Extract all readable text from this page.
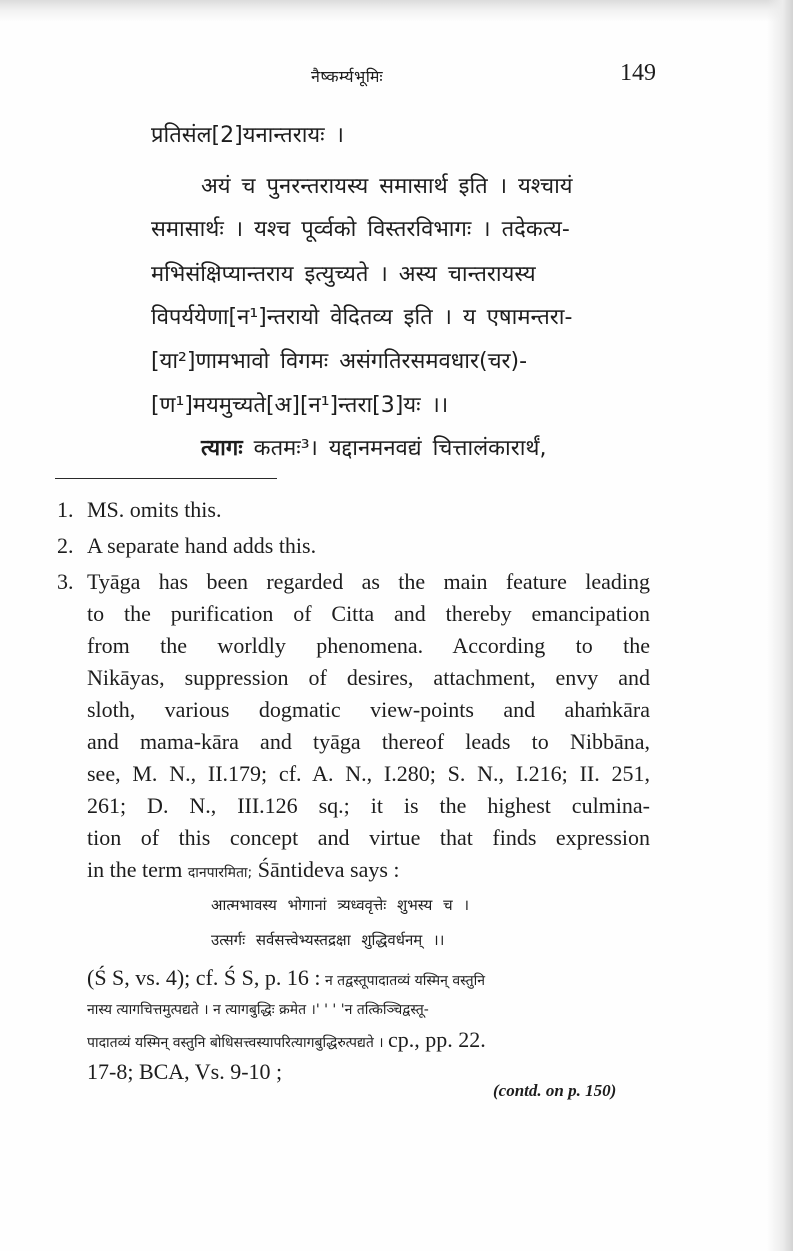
नैष्कर्म्यभूमिः	149
प्रतिसंल[2]यनान्तरायः ।
अयं च पुनरन्तरायस्य समासार्थ इति । यश्चायं
समासार्थः । यश्च पूर्व्वको विस्तरविभागः । तदेकत्य-
मभिसंक्षिप्यान्तराय इत्युच्यते । अस्य चान्तरायस्य
विपर्ययेणा[न¹]न्तरायो वेदितव्य इति । य एषामन्तरा-
[या²]णामभावो विगमः असंगतिरसमवधार(चर)-
[ण¹]मयमुच्यते[अ][न¹]न्तरा[3]यः ।।
त्यागः कतमः³। यद्दानमनवद्यं चित्तालंकारार्थं,
1. MS. omits this.
2. A separate hand adds this.
3. Tyāga has been regarded as the main feature leading
to the purification of Citta and thereby emancipation
from the worldly phenomena. According to the
Nikāyas, suppression of desires, attachment, envy and
sloth, various dogmatic view-points and ahaṁkāra
and mama-kāra and tyāga thereof leads to Nibbāna,
see, M. N., II.179; cf. A. N., I.280; S. N., I.216; II. 251,
261; D. N., III.126 sq.; it is the highest culmina-
tion of this concept and virtue that finds expression
in the term दानपारमिता; Śāntideva says :
आत्मभावस्य भोगानां त्र्यध्ववृत्तेः शुभस्य च ।
उत्सर्गः सर्वसत्त्वेभ्यस्तद्रक्षा शुद्धिवर्धनम् ।।
(Ś S, vs. 4); cf. Ś S, p. 16 : न तद्वस्तूपादातव्यं यस्मिन् वस्तुनि
नास्य त्यागचित्तमुत्पद्यते । न त्यागबुद्धिः क्रमेत ।' ' ' 'न तत्किञ्चिद्वस्तू-
पादातव्यं यस्मिन् वस्तुनि बोधिसत्त्वस्यापरित्यागबुद्धिरुत्पद्यते । cp., pp. 22.
17-8; BCA, Vs. 9-10 ;
(contd. on p. 150)
